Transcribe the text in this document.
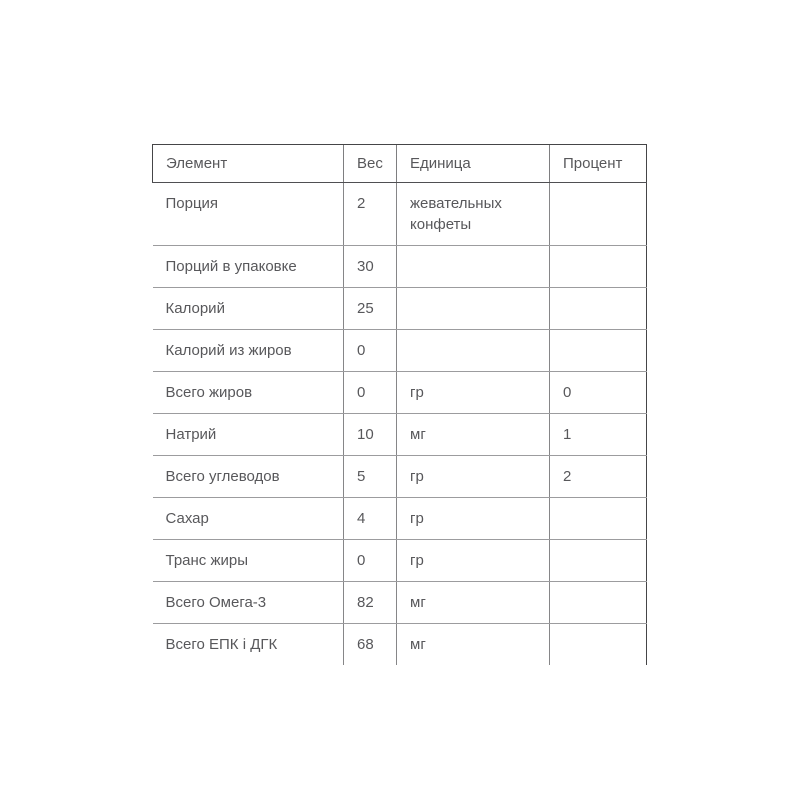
Элемент	Вес	Единица	Процент
Порция	2	жевательных конфеты	
Порций в упаковке	30		
Калорий	25		
Калорий из жиров	0		
Всего жиров	0	гр	0
Натрий	10	мг	1
Всего углеводов	5	гр	2
Сахар	4	гр	
Транс жиры	0	гр	
Всего Омега-3	82	мг	
Всего ЕПК і ДГК	68	мг	
